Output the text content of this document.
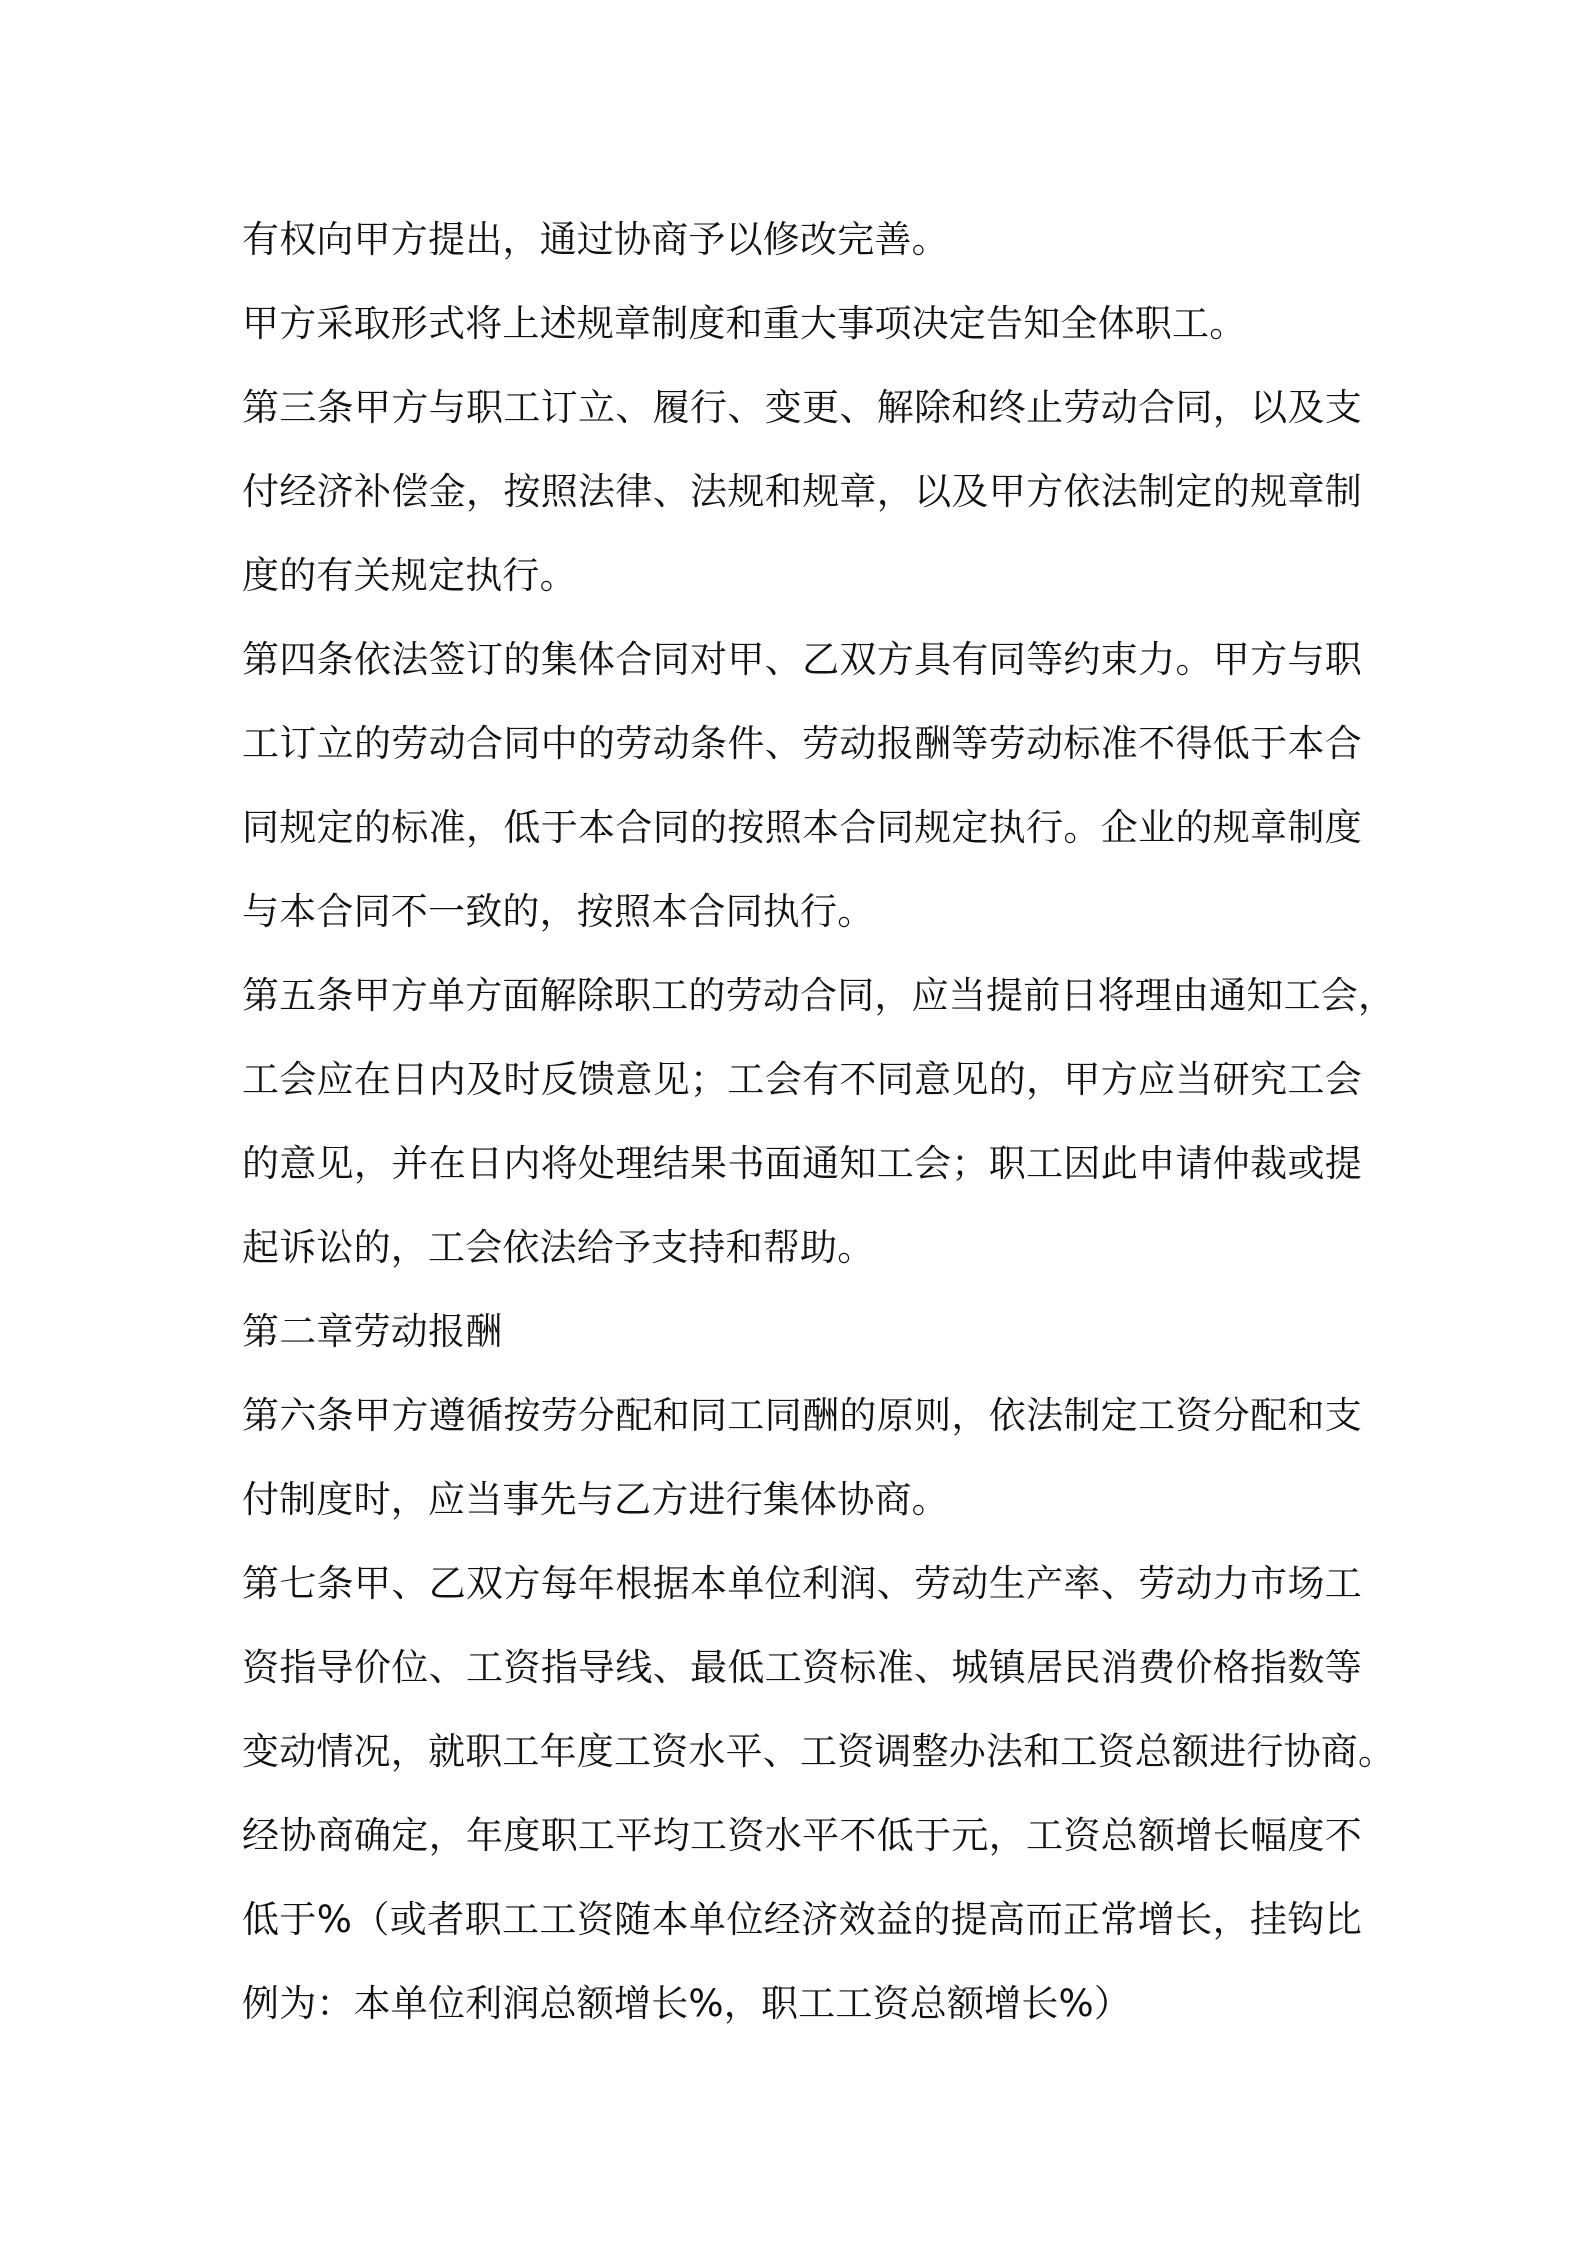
有权向甲方提出，通过协商予以修改完善。
甲方采取形式将上述规章制度和重大事项决定告知全体职工。
第三条甲方与职工订立、履行、变更、解除和终止劳动合同，以及支
付经济补偿金，按照法律、法规和规章，以及甲方依法制定的规章制
度的有关规定执行。
第四条依法签订的集体合同对甲、乙双方具有同等约束力。甲方与职
工订立的劳动合同中的劳动条件、劳动报酬等劳动标准不得低于本合
同规定的标准，低于本合同的按照本合同规定执行。企业的规章制度
与本合同不一致的，按照本合同执行。
第五条甲方单方面解除职工的劳动合同，应当提前日将理由通知工会，
工会应在日内及时反馈意见；工会有不同意见的，甲方应当研究工会
的意见，并在日内将处理结果书面通知工会；职工因此申请仲裁或提
起诉讼的，工会依法给予支持和帮助。
第二章劳动报酬
第六条甲方遵循按劳分配和同工同酬的原则，依法制定工资分配和支
付制度时，应当事先与乙方进行集体协商。
第七条甲、乙双方每年根据本单位利润、劳动生产率、劳动力市场工
资指导价位、工资指导线、最低工资标准、城镇居民消费价格指数等
变动情况，就职工年度工资水平、工资调整办法和工资总额进行协商。
经协商确定，年度职工平均工资水平不低于元，工资总额增长幅度不
低于%（或者职工工资随本单位经济效益的提高而正常增长，挂钩比
例为：本单位利润总额增长%，职工工资总额增长%）
